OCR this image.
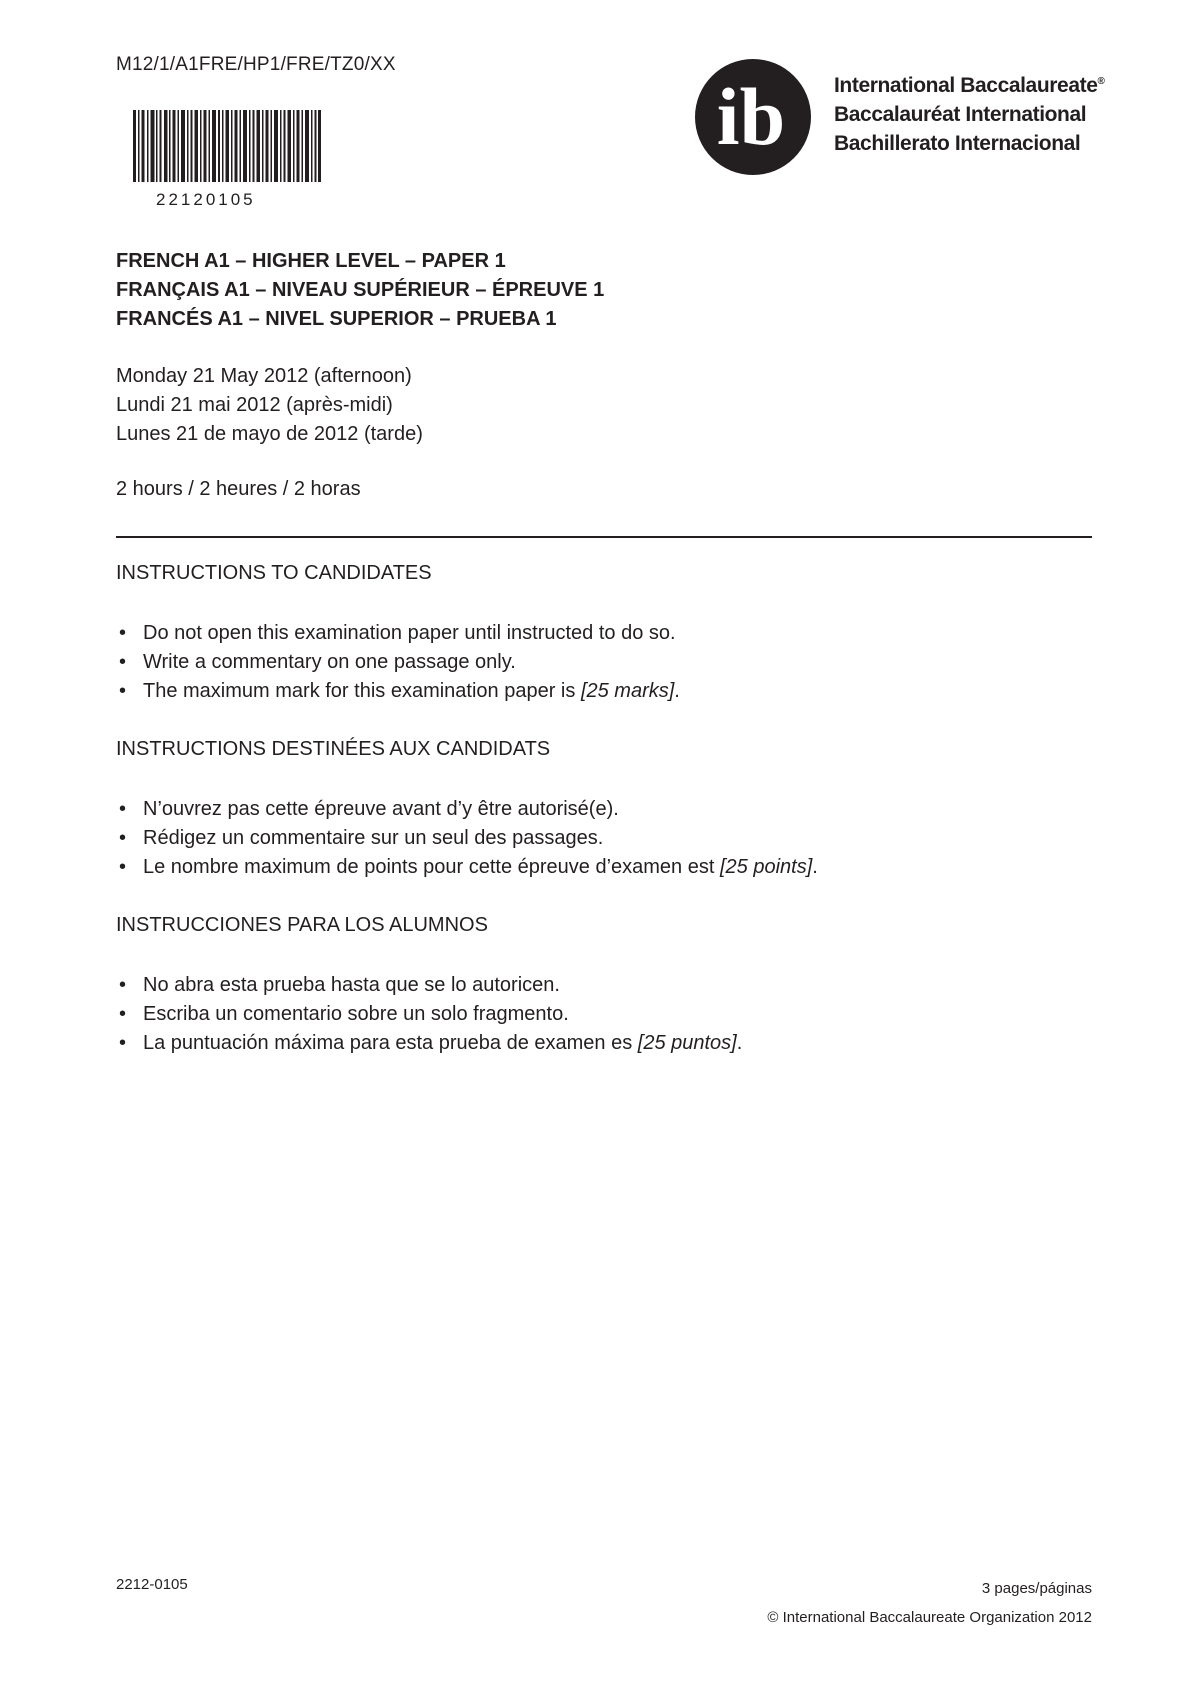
M12/1/A1FRE/HP1/FRE/TZ0/XX
22120105
ib International Baccalaureate®
Baccalauréat International
Bachillerato Internacional
FRENCH A1 – HIGHER LEVEL – PAPER 1
FRANÇAIS A1 – NIVEAU SUPÉRIEUR – ÉPREUVE 1
FRANCÉS A1 – NIVEL SUPERIOR – PRUEBA 1
Monday 21 May 2012 (afternoon)
Lundi 21 mai 2012 (après-midi)
Lunes 21 de mayo de 2012 (tarde)
2 hours / 2 heures / 2 horas
INSTRUCTIONS TO CANDIDATES
• Do not open this examination paper until instructed to do so.
• Write a commentary on one passage only.
• The maximum mark for this examination paper is [25 marks].
INSTRUCTIONS DESTINÉES AUX CANDIDATS
• N’ouvrez pas cette épreuve avant d’y être autorisé(e).
• Rédigez un commentaire sur un seul des passages.
• Le nombre maximum de points pour cette épreuve d’examen est [25 points].
INSTRUCCIONES PARA LOS ALUMNOS
• No abra esta prueba hasta que se lo autoricen.
• Escriba un comentario sobre un solo fragmento.
• La puntuación máxima para esta prueba de examen es [25 puntos].
2212-0105	3 pages/páginas
© International Baccalaureate Organization 2012
